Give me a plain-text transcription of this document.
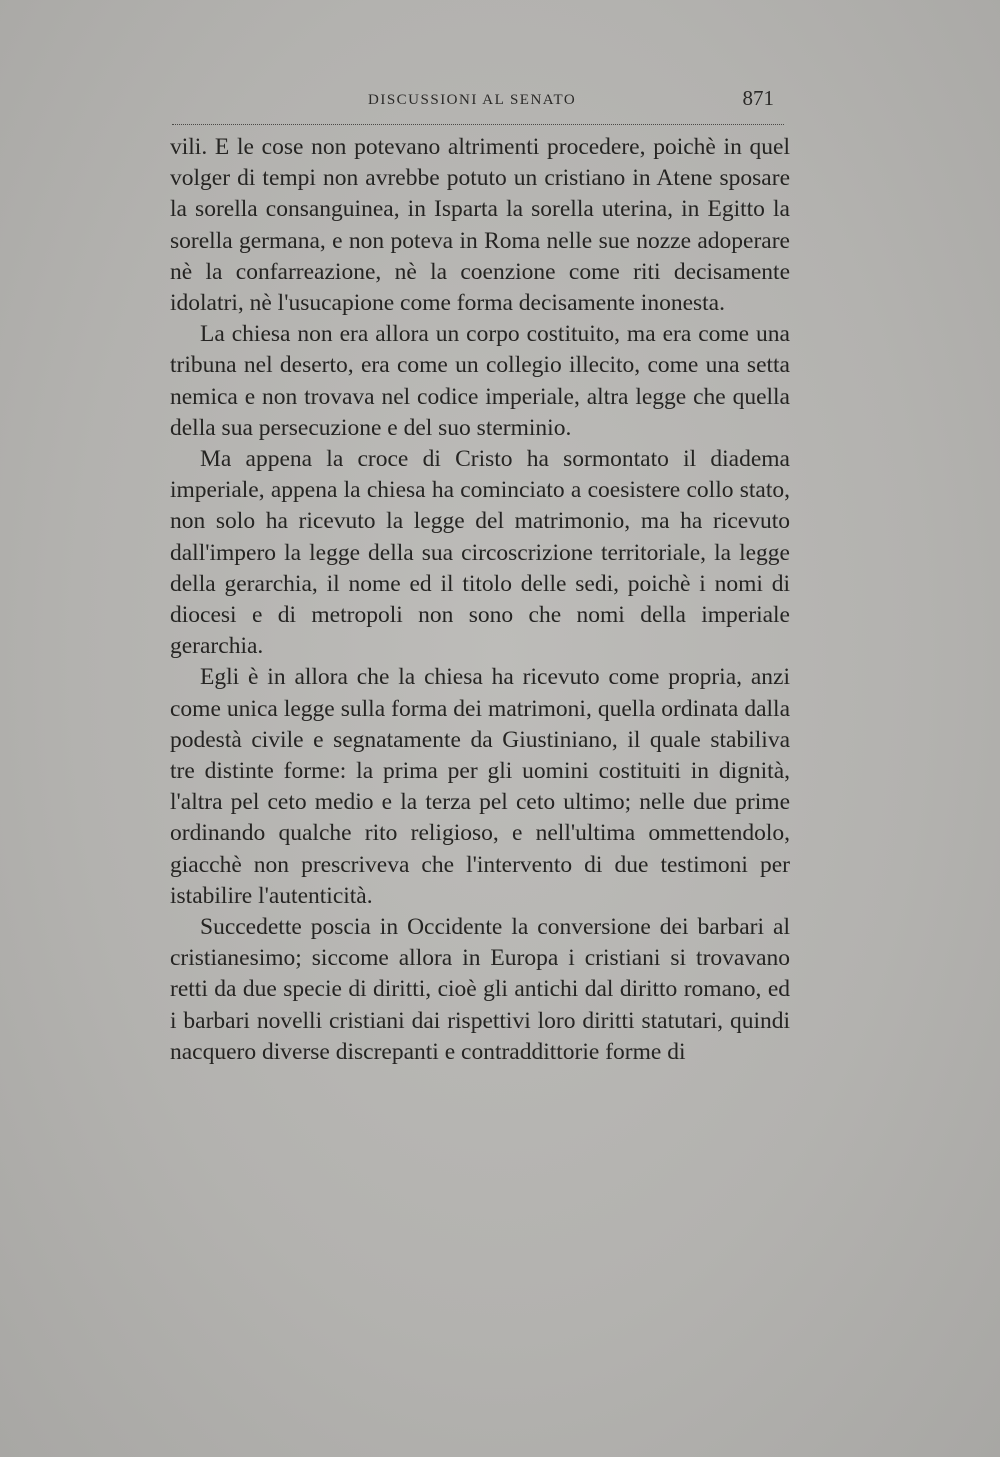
DISCUSSIONI AL SENATO	871

vili. E le cose non potevano altrimenti procedere, poichè in quel volger di tempi non avrebbe potuto un cristiano in Atene sposare la sorella consanguinea, in Isparta la sorella uterina, in Egitto la sorella germana, e non poteva in Roma nelle sue nozze adoperare nè la confarreazione, nè la coenzione come riti decisamente idolatri, nè l'usucapione come forma decisamente inonesta.

La chiesa non era allora un corpo costituito, ma era come una tribuna nel deserto, era come un collegio illecito, come una setta nemica e non trovava nel codice imperiale, altra legge che quella della sua persecuzione e del suo sterminio.

Ma appena la croce di Cristo ha sormontato il diadema imperiale, appena la chiesa ha cominciato a coesistere collo stato, non solo ha ricevuto la legge del matrimonio, ma ha ricevuto dall'impero la legge della sua circoscrizione territoriale, la legge della gerarchia, il nome ed il titolo delle sedi, poichè i nomi di diocesi e di metropoli non sono che nomi della imperiale gerarchia.

Egli è in allora che la chiesa ha ricevuto come propria, anzi come unica legge sulla forma dei matrimoni, quella ordinata dalla podestà civile e segnatamente da Giustiniano, il quale stabiliva tre distinte forme: la prima per gli uomini costituiti in dignità, l'altra pel ceto medio e la terza pel ceto ultimo; nelle due prime ordinando qualche rito religioso, e nell'ultima ommettendolo, giacchè non prescriveva che l'intervento di due testimoni per istabilire l'autenticità.

Succedette poscia in Occidente la conversione dei barbari al cristianesimo; siccome allora in Europa i cristiani si trovavano retti da due specie di diritti, cioè gli antichi dal diritto romano, ed i barbari novelli cristiani dai rispettivi loro diritti statutari, quindi nacquero diverse discrepanti e contraddittorie forme di
